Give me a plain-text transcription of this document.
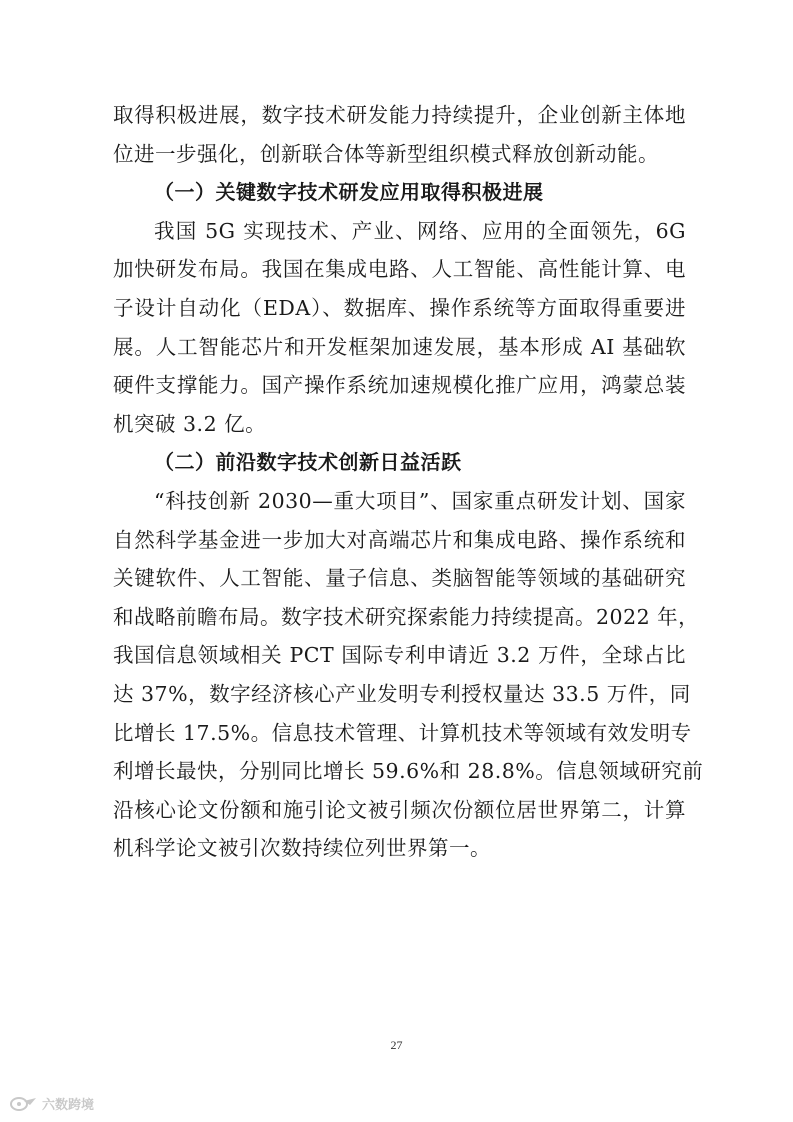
取得积极进展，数字技术研发能力持续提升，企业创新主体地
位进一步强化，创新联合体等新型组织模式释放创新动能。
（一）关键数字技术研发应用取得积极进展
我国 5G 实现技术、产业、网络、应用的全面领先，6G
加快研发布局。我国在集成电路、人工智能、高性能计算、电
子设计自动化（EDA）、数据库、操作系统等方面取得重要进
展。人工智能芯片和开发框架加速发展，基本形成 AI 基础软
硬件支撑能力。国产操作系统加速规模化推广应用，鸿蒙总装
机突破 3.2 亿。
（二）前沿数字技术创新日益活跃
“科技创新 2030—重大项目”、国家重点研发计划、国家
自然科学基金进一步加大对高端芯片和集成电路、操作系统和
关键软件、人工智能、量子信息、类脑智能等领域的基础研究
和战略前瞻布局。数字技术研究探索能力持续提高。2022 年，
我国信息领域相关 PCT 国际专利申请近 3.2 万件，全球占比
达 37%，数字经济核心产业发明专利授权量达 33.5 万件，同
比增长 17.5%。信息技术管理、计算机技术等领域有效发明专
利增长最快，分别同比增长 59.6%和 28.8%。信息领域研究前
沿核心论文份额和施引论文被引频次份额位居世界第二，计算
机科学论文被引次数持续位列世界第一。
27
六数跨境
